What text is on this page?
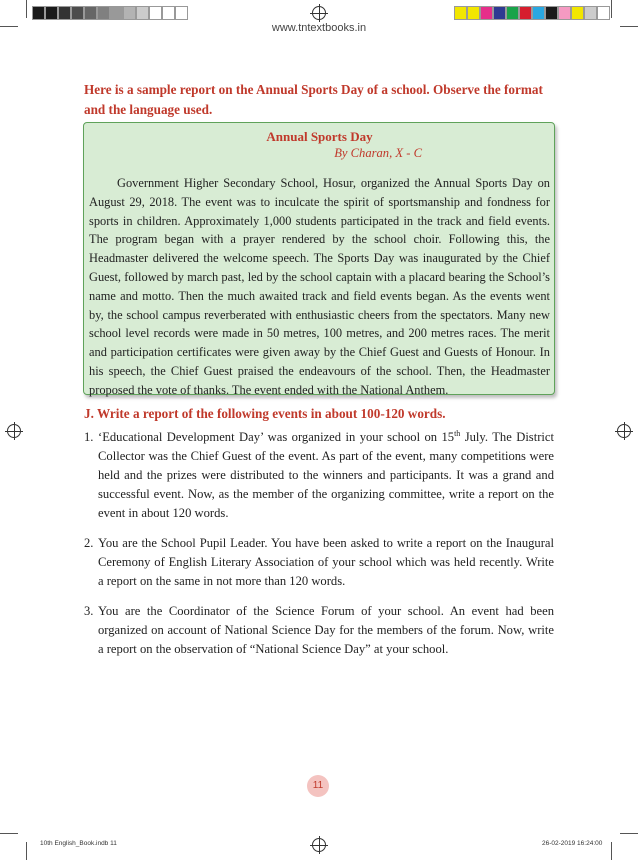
www.tntextbooks.in
Here is a sample report on the Annual Sports Day of a school. Observe the format and the language used.
Annual Sports Day
By Charan, X - C
Government Higher Secondary School, Hosur, organized the Annual Sports Day on August 29, 2018. The event was to inculcate the spirit of sportsmanship and fondness for sports in children. Approximately 1,000 students participated in the track and field events. The program began with a prayer rendered by the school choir. Following this, the Headmaster delivered the welcome speech. The Sports Day was inaugurated by the Chief Guest, followed by march past, led by the school captain with a placard bearing the School’s name and motto. Then the much awaited track and field events began. As the events went by, the school campus reverberated with enthusiastic cheers from the spectators. Many new school level records were made in 50 metres, 100 metres, and 200 metres races. The merit and participation certificates were given away by the Chief Guest and Guests of Honour. In his speech, the Chief Guest praised the endeavours of the school. Then, the Headmaster proposed the vote of thanks. The event ended with the National Anthem.
J. Write a report of the following events in about 100-120 words.
1. ‘Educational Development Day’ was organized in your school on 15th July. The District Collector was the Chief Guest of the event. As part of the event, many competitions were held and the prizes were distributed to the winners and participants. It was a grand and successful event. Now, as the member of the organizing committee, write a report on the event in about 120 words.
2. You are the School Pupil Leader. You have been asked to write a report on the Inaugural Ceremony of English Literary Association of your school which was held recently. Write a report on the same in not more than 120 words.
3. You are the Coordinator of the Science Forum of your school. An event had been organized on account of National Science Day for the members of the forum. Now, write a report on the observation of “National Science Day” at your school.
11
10th English_Book.indb 11	26-02-2019 16:24:00
